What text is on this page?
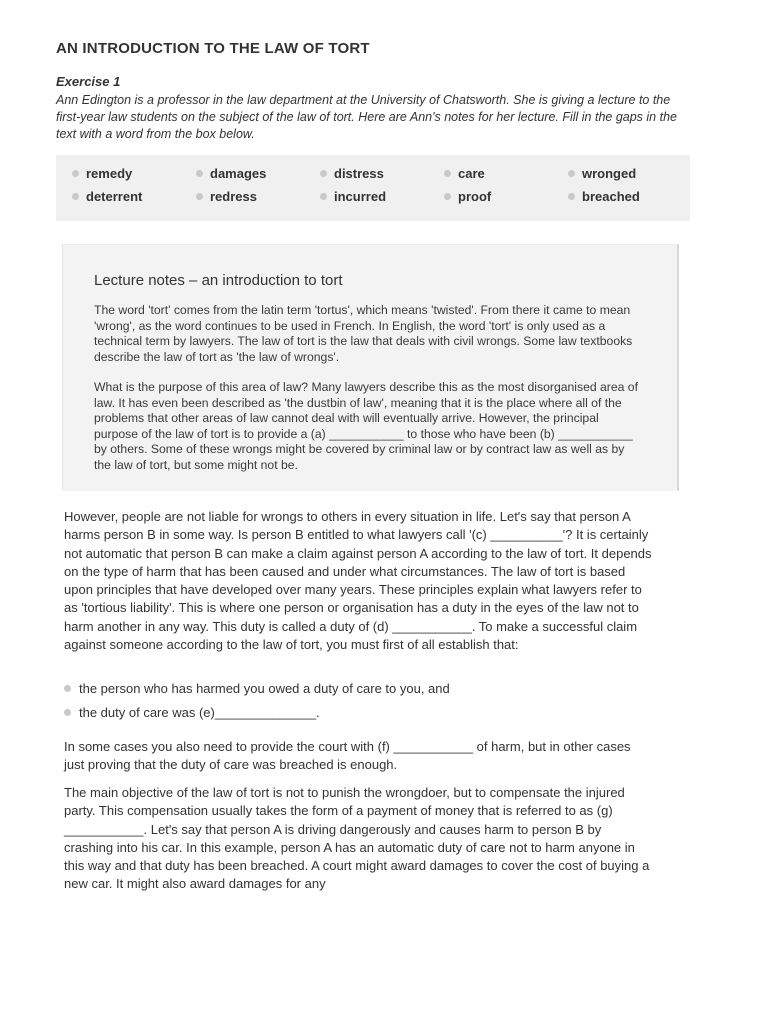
AN INTRODUCTION TO THE LAW OF TORT
Exercise 1
Ann Edington is a professor in the law department at the University of Chatsworth. She is giving a lecture to the first-year law students on the subject of the law of tort. Here are Ann's notes for her lecture. Fill in the gaps in the text with a word from the box below.
remedy	damages	distress	care	wronged
deterrent	redress	incurred	proof	breached
Lecture notes – an introduction to tort
The word 'tort' comes from the latin term 'tortus', which means 'twisted'. From there it came to mean 'wrong', as the word continues to be used in French. In English, the word 'tort' is only used as a technical term by lawyers. The law of tort is the law that deals with civil wrongs. Some law textbooks describe the law of tort as 'the law of wrongs'.
What is the purpose of this area of law? Many lawyers describe this as the most disorganised area of law. It has even been described as 'the dustbin of law', meaning that it is the place where all of the problems that other areas of law cannot deal with will eventually arrive. However, the principal purpose of the law of tort is to provide a (a) ___________ to those who have been (b) ___________ by others. Some of these wrongs might be covered by criminal law or by contract law as well as by the law of tort, but some might not be.
However, people are not liable for wrongs to others in every situation in life. Let's say that person A harms person B in some way. Is person B entitled to what lawyers call '(c) __________'? It is certainly not automatic that person B can make a claim against person A according to the law of tort. It depends on the type of harm that has been caused and under what circumstances. The law of tort is based upon principles that have developed over many years. These principles explain what lawyers refer to as 'tortious liability'. This is where one person or organisation has a duty in the eyes of the law not to harm another in any way. This duty is called a duty of (d) ___________. To make a successful claim against someone according to the law of tort, you must first of all establish that:
the person who has harmed you owed a duty of care to you, and
the duty of care was (e)______________.
In some cases you also need to provide the court with (f) ___________ of harm, but in other cases just proving that the duty of care was breached is enough.
The main objective of the law of tort is not to punish the wrongdoer, but to compensate the injured party. This compensation usually takes the form of a payment of money that is referred to as (g) ___________. Let's say that person A is driving dangerously and causes harm to person B by crashing into his car. In this example, person A has an automatic duty of care not to harm anyone in this way and that duty has been breached. A court might award damages to cover the cost of buying a new car. It might also award damages for any
